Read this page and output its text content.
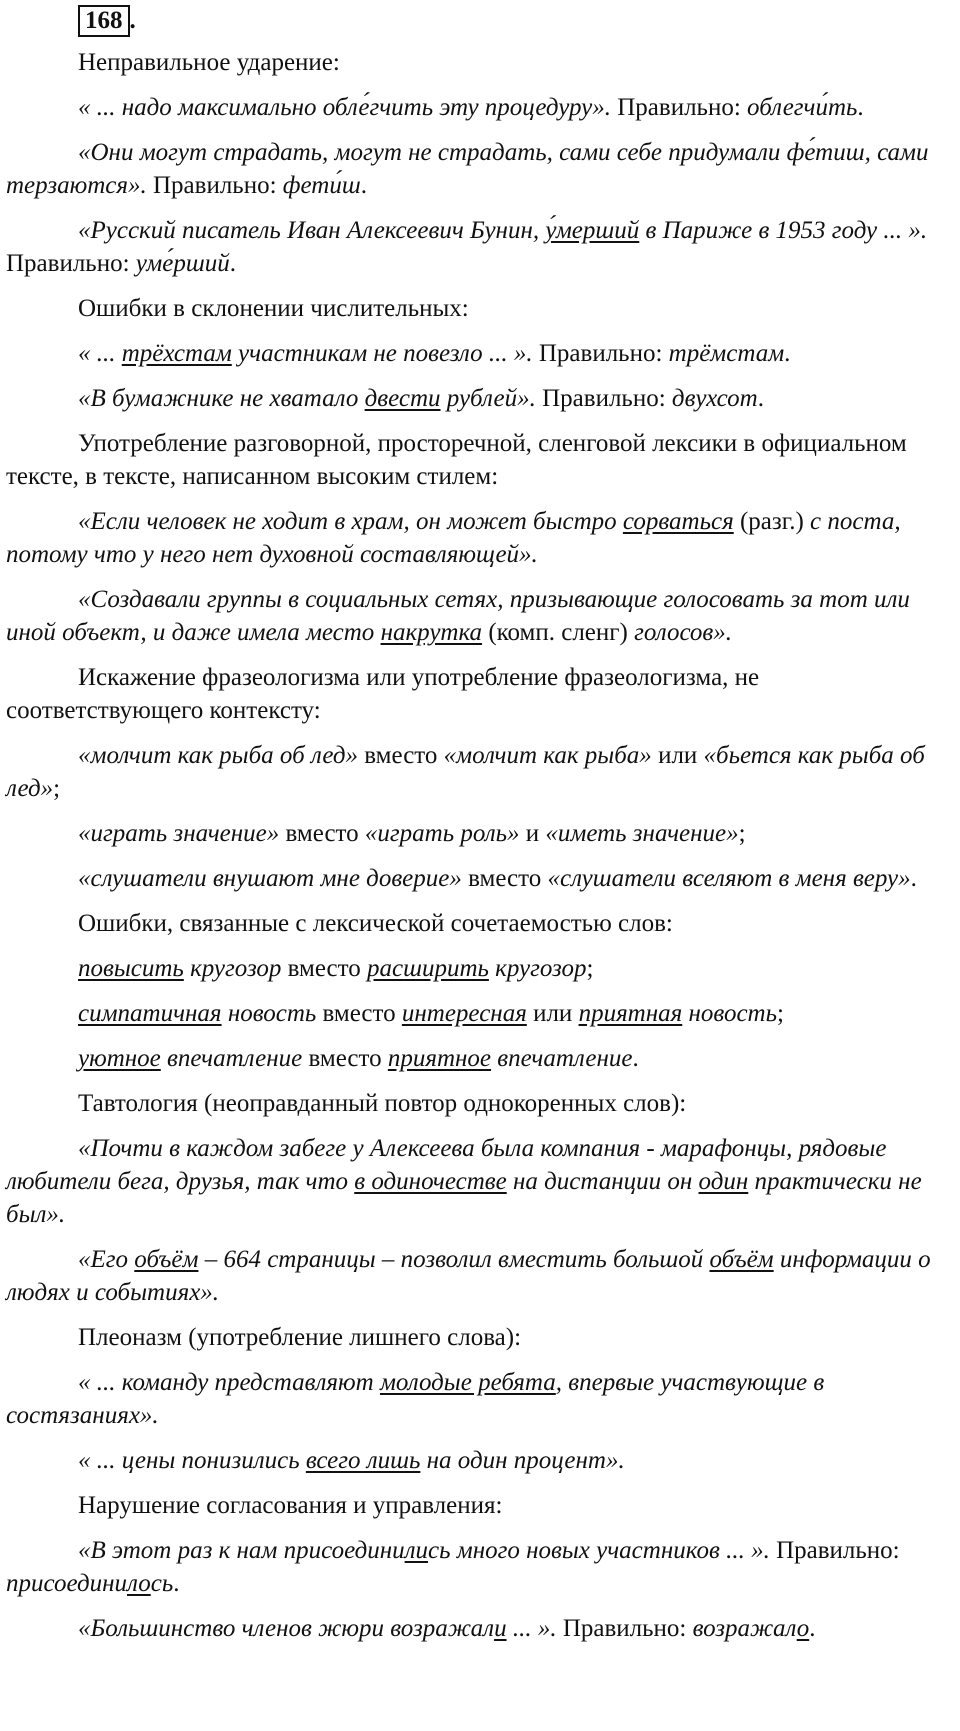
168 .
Неправильное ударение:
« ... надо максимально обле́гчить эту процедуру». Правильно: облегчи́ть.
«Они могут страдать, могут не страдать, сами себе придумали фе́тиш, сами терзаются». Правильно: фети́ш.
«Русский писатель Иван Алексеевич Бунин, у́мерший в Париже в 1953 году ... ». Правильно: уме́рший.
Ошибки в склонении числительных:
« ... трёхстам участникам не повезло ... ». Правильно: трёмстам.
«В бумажнике не хватало двести рублей». Правильно: двухсот.
Употребление разговорной, просторечной, сленговой лексики в официальном тексте, в тексте, написанном высоким стилем:
«Если человек не ходит в храм, он может быстро сорваться (разг.) с поста, потому что у него нет духовной составляющей».
«Создавали группы в социальных сетях, призывающие голосовать за тот или иной объект, и даже имела место накрутка (комп. сленг) голосов».
Искажение фразеологизма или употребление фразеологизма, не соответствующего контексту:
«молчит как рыба об лед» вместо «молчит как рыба» или «бьется как рыба об лед»;
«играть значение» вместо «играть роль» и «иметь значение»;
«слушатели внушают мне доверие» вместо «слушатели вселяют в меня веру».
Ошибки, связанные с лексической сочетаемостью слов:
повысить кругозор вместо расширить кругозор;
симпатичная новость вместо интересная или приятная новость;
уютное впечатление вместо приятное впечатление.
Тавтология (неоправданный повтор однокоренных слов):
«Почти в каждом забеге у Алексеева была компания - марафонцы, рядовые любители бега, друзья, так что в одиночестве на дистанции он один практически не был».
«Его объём – 664 страницы – позволил вместить большой объём информации о людях и событиях».
Плеоназм (употребление лишнего слова):
« ... команду представляют молодые ребята, впервые участвующие в состязаниях».
« ... цены понизились всего лишь на один процент».
Нарушение согласования и управления:
«В этот раз к нам присоединились много новых участников ... ». Правильно: присоединилось.
«Большинство членов жюри возражали ... ». Правильно: возражало.
